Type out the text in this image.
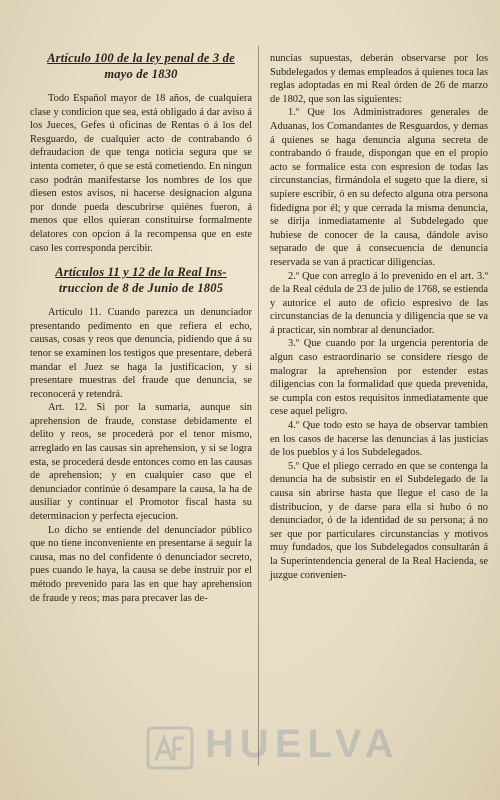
Artículo 100 de la ley penal de 3 de
mayo de 1830

Todo Español mayor de 18 años, de cualquiera clase y condicion que sea, está obligado á dar aviso á los Jueces, Gefes ú oficinas de Rentas ó á los del Resguardo, de cualquier acto de contrabando ó defraudacion de que tenga noticia segura que se intenta cometer, ó que se está cometiendo. En ningun caso podrán manifestarse los nombres de los que diesen estos avisos, ni hacerse designacion alguna por donde pueda descubrirse quiénes fueron, á menos que ellos quieran constituirse formalmente delatores con opcion á la recompensa que en este caso les corresponda percibir.

Artículos 11 y 12 de la Real Ins-
truccion de 8 de Junio de 1805

Artículo 11. Cuando parezca un denunciador presentando pedimento en que refiera el echo, causas, cosas y reos que denuncia, pidiendo que á su tenor se examinen los testigos que presentare, deberá mandar el Juez se haga la justificacion, y si presentare muestras del fraude que denuncia, se reconocerá y retendrá.

Art. 12. Si por la sumaria, aunque sin aprehension de fraude, constase debidamente el delito y reos, se procederá por el tenor mismo, arreglado en las causas sin aprehension, y si se logra esta, se procederá desde entonces como en las causas de aprehension; y en cualquier caso que el denunciador continúe ó desampare la causa, la ha de ausiliar y continuar el Promotor fiscal hasta su determinacion y perfecta ejecucion.

Lo dicho se entiende del denunciador público que no tiene inconveniente en presentarse á seguir la causa, mas no del confidente ó denunciador secreto, pues cuando le haya, la causa se debe instruir por el método prevenido para las en que hay aprehension de fraude y reos; mas para precaver las de-

nuncias supuestas, deberán observarse por los Subdelegados y demas empleados á quienes toca las reglas adoptadas en mi Real órden de 26 de marzo de 1802, que son las siguientes:

1.º Que los Administradores generales de Aduanas, los Comandantes de Resguardos, y demas á quienes se haga denuncia alguna secreta de contrabando ó fraude, dispongan que en el propio acto se formalice esta con espresion de todas las circunstancias, firmándola el sugeto que la diere, si supiere escribir, ó en su defecto alguna otra persona fidedigna por él; y que cerrada la misma denuncia, se dirija inmediatamente al Subdelegado que hubiese de conocer de la causa, dándole aviso separado de que á consecuencia de denuncia reservada se van á practicar diligencias.

2.º Que con arreglo á lo prevenido en el art. 3.º de la Real cédula de 23 de julio de 1768, se estienda y autorice el auto de oficio espresivo de las circunstancias de la denuncia y diligencia que se va á practicar, sin nombrar al denunciador.

3.º Que cuando por la urgencia perentoria de algun caso estraordinario se considere riesgo de malograr la aprehension por estender estas diligencias con la formalidad que queda prevenida, se cumpla con estos requisitos inmediatamente que cese aquel peligro.

4.º Que todo esto se haya de observar tambien en los casos de hacerse las denuncias á las justicias de los pueblos y á los Subdelegados.

5.º Que el pliego cerrado en que se contenga la denuncia ha de subsistir en el Subdelegado de la causa sin abrirse hasta que llegue el caso de la distribucion, y de darse para ella si hubo ó no denunciador, ó de la identidad de su persona; á no ser que por particulares circunstancias y motivos muy fundados, que los Subdelegados consultarán á la Superintendencia general de la Real Hacienda, se juzgue convenien-

HUELVA
